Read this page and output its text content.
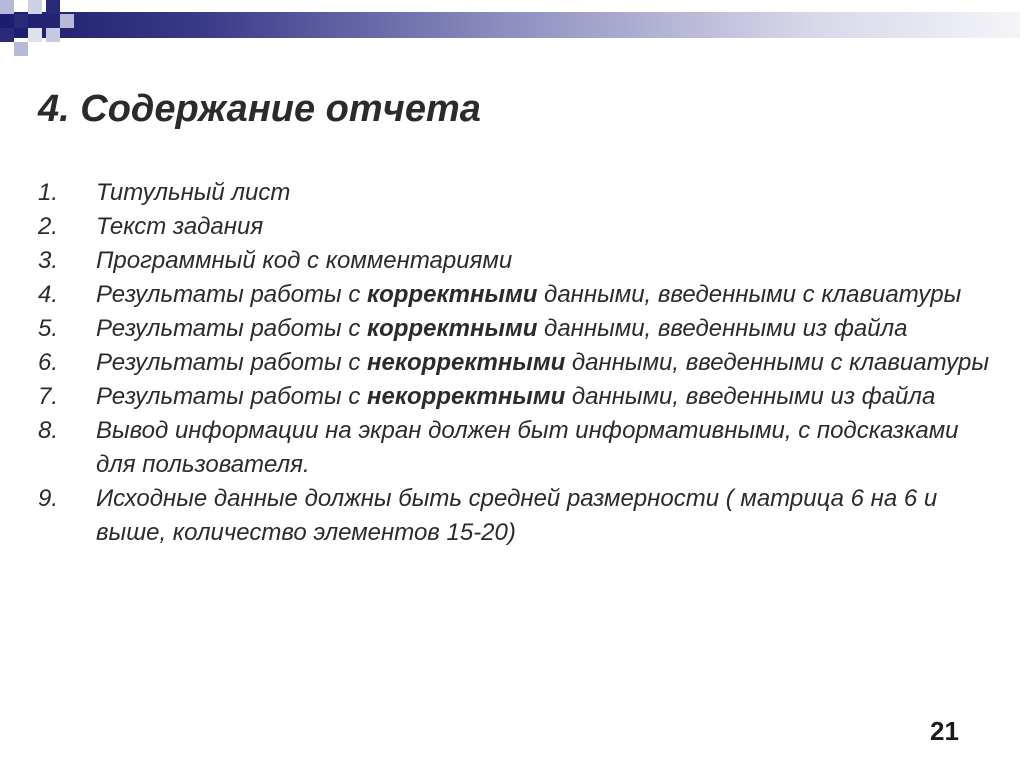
4. Содержание отчета
1.	Титульный лист
2.	Текст задания
3.	Программный код с комментариями
4.	Результаты работы с корректными данными, введенными с клавиатуры
5.	Результаты работы с корректными данными, введенными из файла
6.	Результаты работы с некорректными данными, введенными с клавиатуры
7.	Результаты работы с некорректными данными, введенными из файла
8.	Вывод информации на экран должен быт информативными, с подсказками для пользователя.
9.	Исходные данные должны быть средней размерности ( матрица 6 на 6 и выше, количество элементов 15-20)
21
